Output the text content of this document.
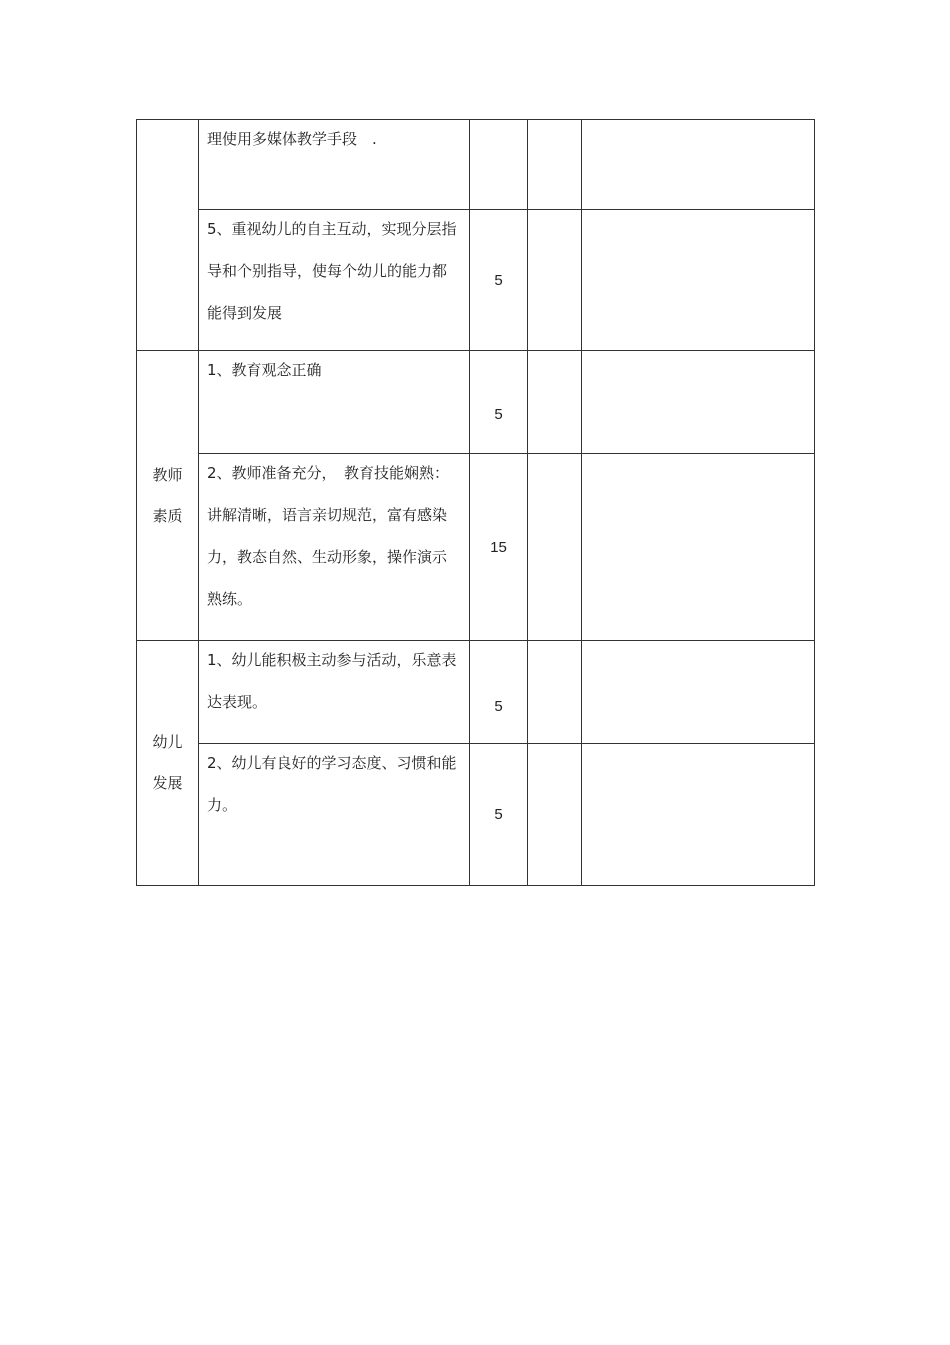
	理使用多媒体教学手段　.			

	5、重视幼儿的自主互动，实现分层指导和个别指导，使每个幼儿的能力都能得到发展	5		
教师素质	1、教育观念正确	5		

	2、教师准备充分，　教育技能娴熟：讲解清晰，语言亲切规范，富有感染力，教态自然、生动形象，操作演示熟练。	15		
幼儿发展	1、幼儿能积极主动参与活动，乐意表达表现。	5		

	2、幼儿有良好的学习态度、习惯和能力。	5		
